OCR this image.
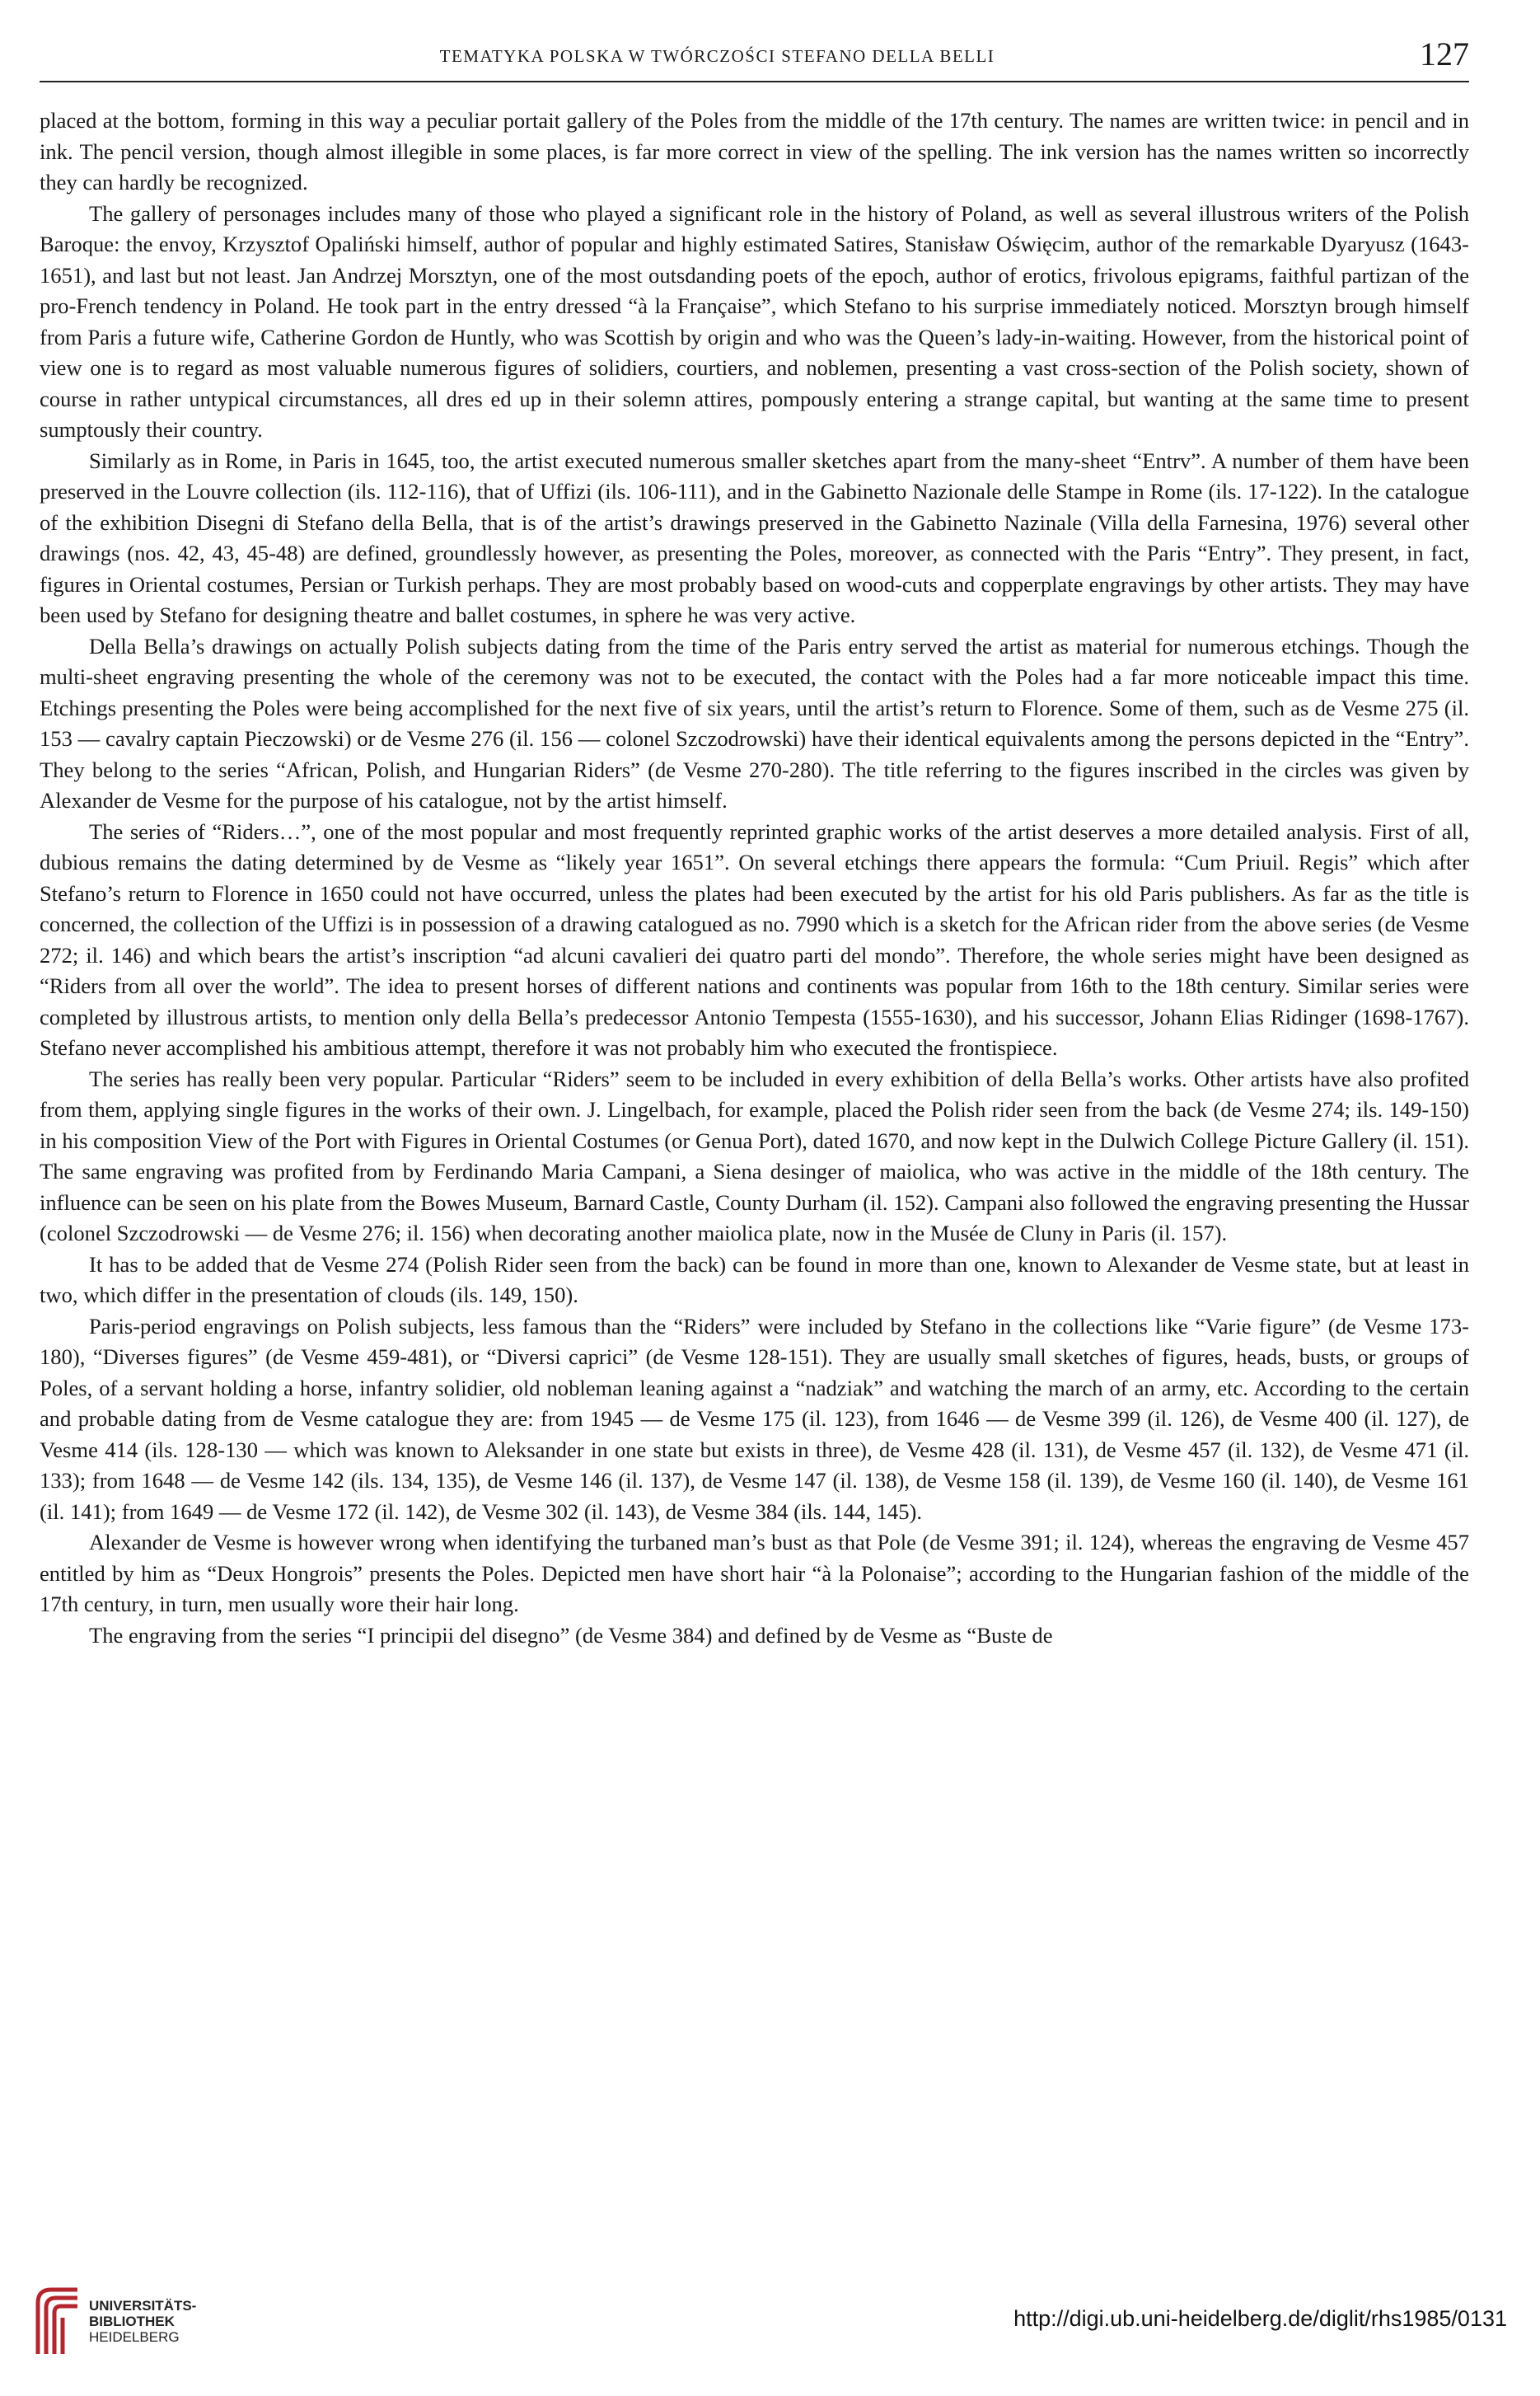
TEMATYKA POLSKA W TWÓRCZOŚCI STEFANO DELLA BELLI	127

placed at the bottom, forming in this way a peculiar portait gallery of the Poles from the middle of the 17th century. The names are written twice: in pencil and in ink. The pencil version, though almost illegible in some places, is far more correct in view of the spelling. The ink version has the names written so incorrectly they can hardly be recognized.

The gallery of personages includes many of those who played a significant role in the history of Poland, as well as several illustrous writers of the Polish Baroque: the envoy, Krzysztof Opaliński himself, author of popular and highly estimated Satires, Stanisław Oświęcim, author of the remarkable Dyaryusz (1643-1651), and last but not least. Jan Andrzej Morsztyn, one of the most outsdanding poets of the epoch, author of erotics, frivolous epigrams, faithful partizan of the pro-French tendency in Poland. He took part in the entry dressed “à la Française”, which Stefano to his surprise immediately noticed. Morsztyn brough himself from Paris a future wife, Catherine Gordon de Huntly, who was Scottish by origin and who was the Queen’s lady-in-waiting. However, from the historical point of view one is to regard as most valuable numerous figures of solidiers, courtiers, and noblemen, presenting a vast cross-section of the Polish society, shown of course in rather untypical circumstances, all dres ed up in their solemn attires, pompously entering a strange capital, but wanting at the same time to present sumptously their country.

Similarly as in Rome, in Paris in 1645, too, the artist executed numerous smaller sketches apart from the many-sheet “Entrv”. A number of them have been preserved in the Louvre collection (ils. 112-116), that of Uffizi (ils. 106-111), and in the Gabinetto Nazionale delle Stampe in Rome (ils. 17-122). In the catalogue of the exhibition Disegni di Stefano della Bella, that is of the artist’s drawings preserved in the Gabinetto Nazinale (Villa della Farnesina, 1976) several other drawings (nos. 42, 43, 45-48) are defined, groundlessly however, as presenting the Poles, moreover, as connected with the Paris “Entry”. They present, in fact, figures in Oriental costumes, Persian or Turkish perhaps. They are most probably based on wood-cuts and copperplate engravings by other artists. They may have been used by Stefano for designing theatre and ballet costumes, in sphere he was very active.

Della Bella’s drawings on actually Polish subjects dating from the time of the Paris entry served the artist as material for numerous etchings. Though the multi-sheet engraving presenting the whole of the ceremony was not to be executed, the contact with the Poles had a far more noticeable impact this time. Etchings presenting the Poles were being accomplished for the next five of six years, until the artist’s return to Florence. Some of them, such as de Vesme 275 (il. 153 — cavalry captain Pieczowski) or de Vesme 276 (il. 156 — colonel Szczodrowski) have their identical equivalents among the persons depicted in the “Entry”. They belong to the series “African, Polish, and Hungarian Riders” (de Vesme 270-280). The title referring to the figures inscribed in the circles was given by Alexander de Vesme for the purpose of his catalogue, not by the artist himself.

The series of “Riders…”, one of the most popular and most frequently reprinted graphic works of the artist deserves a more detailed analysis. First of all, dubious remains the dating determined by de Vesme as “likely year 1651”. On several etchings there appears the formula: “Cum Priuil. Regis” which after Stefano’s return to Florence in 1650 could not have occurred, unless the plates had been executed by the artist for his old Paris publishers. As far as the title is concerned, the collection of the Uffizi is in possession of a drawing catalogued as no. 7990 which is a sketch for the African rider from the above series (de Vesme 272; il. 146) and which bears the artist’s inscription “ad alcuni cavalieri dei quatro parti del mondo”. Therefore, the whole series might have been designed as “Riders from all over the world”. The idea to present horses of different nations and continents was popular from 16th to the 18th century. Similar series were completed by illustrous artists, to mention only della Bella’s predecessor Antonio Tempesta (1555-1630), and his successor, Johann Elias Ridinger (1698-1767). Stefano never accomplished his ambitious attempt, therefore it was not probably him who executed the frontispiece.

The series has really been very popular. Particular “Riders” seem to be included in every exhibition of della Bella’s works. Other artists have also profited from them, applying single figures in the works of their own. J. Lingelbach, for example, placed the Polish rider seen from the back (de Vesme 274; ils. 149-150) in his composition View of the Port with Figures in Oriental Costumes (or Genua Port), dated 1670, and now kept in the Dulwich College Picture Gallery (il. 151). The same engraving was profited from by Ferdinando Maria Campani, a Siena desinger of maiolica, who was active in the middle of the 18th century. The influence can be seen on his plate from the Bowes Museum, Barnard Castle, County Durham (il. 152). Campani also followed the engraving presenting the Hussar (colonel Szczodrowski — de Vesme 276; il. 156) when decorating another maiolica plate, now in the Musée de Cluny in Paris (il. 157).

It has to be added that de Vesme 274 (Polish Rider seen from the back) can be found in more than one, known to Alexander de Vesme state, but at least in two, which differ in the presentation of clouds (ils. 149, 150).

Paris-period engravings on Polish subjects, less famous than the “Riders” were included by Stefano in the collections like “Varie figure” (de Vesme 173-180), “Diverses figures” (de Vesme 459-481), or “Diversi caprici” (de Vesme 128-151). They are usually small sketches of figures, heads, busts, or groups of Poles, of a servant holding a horse, infantry solidier, old nobleman leaning against a “nadziak” and watching the march of an army, etc. According to the certain and probable dating from de Vesme catalogue they are: from 1945 — de Vesme 175 (il. 123), from 1646 — de Vesme 399 (il. 126), de Vesme 400 (il. 127), de Vesme 414 (ils. 128-130 — which was known to Aleksander in one state but exists in three), de Vesme 428 (il. 131), de Vesme 457 (il. 132), de Vesme 471 (il. 133); from 1648 — de Vesme 142 (ils. 134, 135), de Vesme 146 (il. 137), de Vesme 147 (il. 138), de Vesme 158 (il. 139), de Vesme 160 (il. 140), de Vesme 161 (il. 141); from 1649 — de Vesme 172 (il. 142), de Vesme 302 (il. 143), de Vesme 384 (ils. 144, 145).

Alexander de Vesme is however wrong when identifying the turbaned man’s bust as that Pole (de Vesme 391; il. 124), whereas the engraving de Vesme 457 entitled by him as “Deux Hongrois” presents the Poles. Depicted men have short hair “à la Polonaise”; according to the Hungarian fashion of the middle of the 17th century, in turn, men usually wore their hair long.

The engraving from the series “I principii del disegno” (de Vesme 384) and defined by de Vesme as “Buste de

UNIVERSITÄTS-
BIBLIOTHEK
HEIDELBERG
http://digi.ub.uni-heidelberg.de/diglit/rhs1985/0131
